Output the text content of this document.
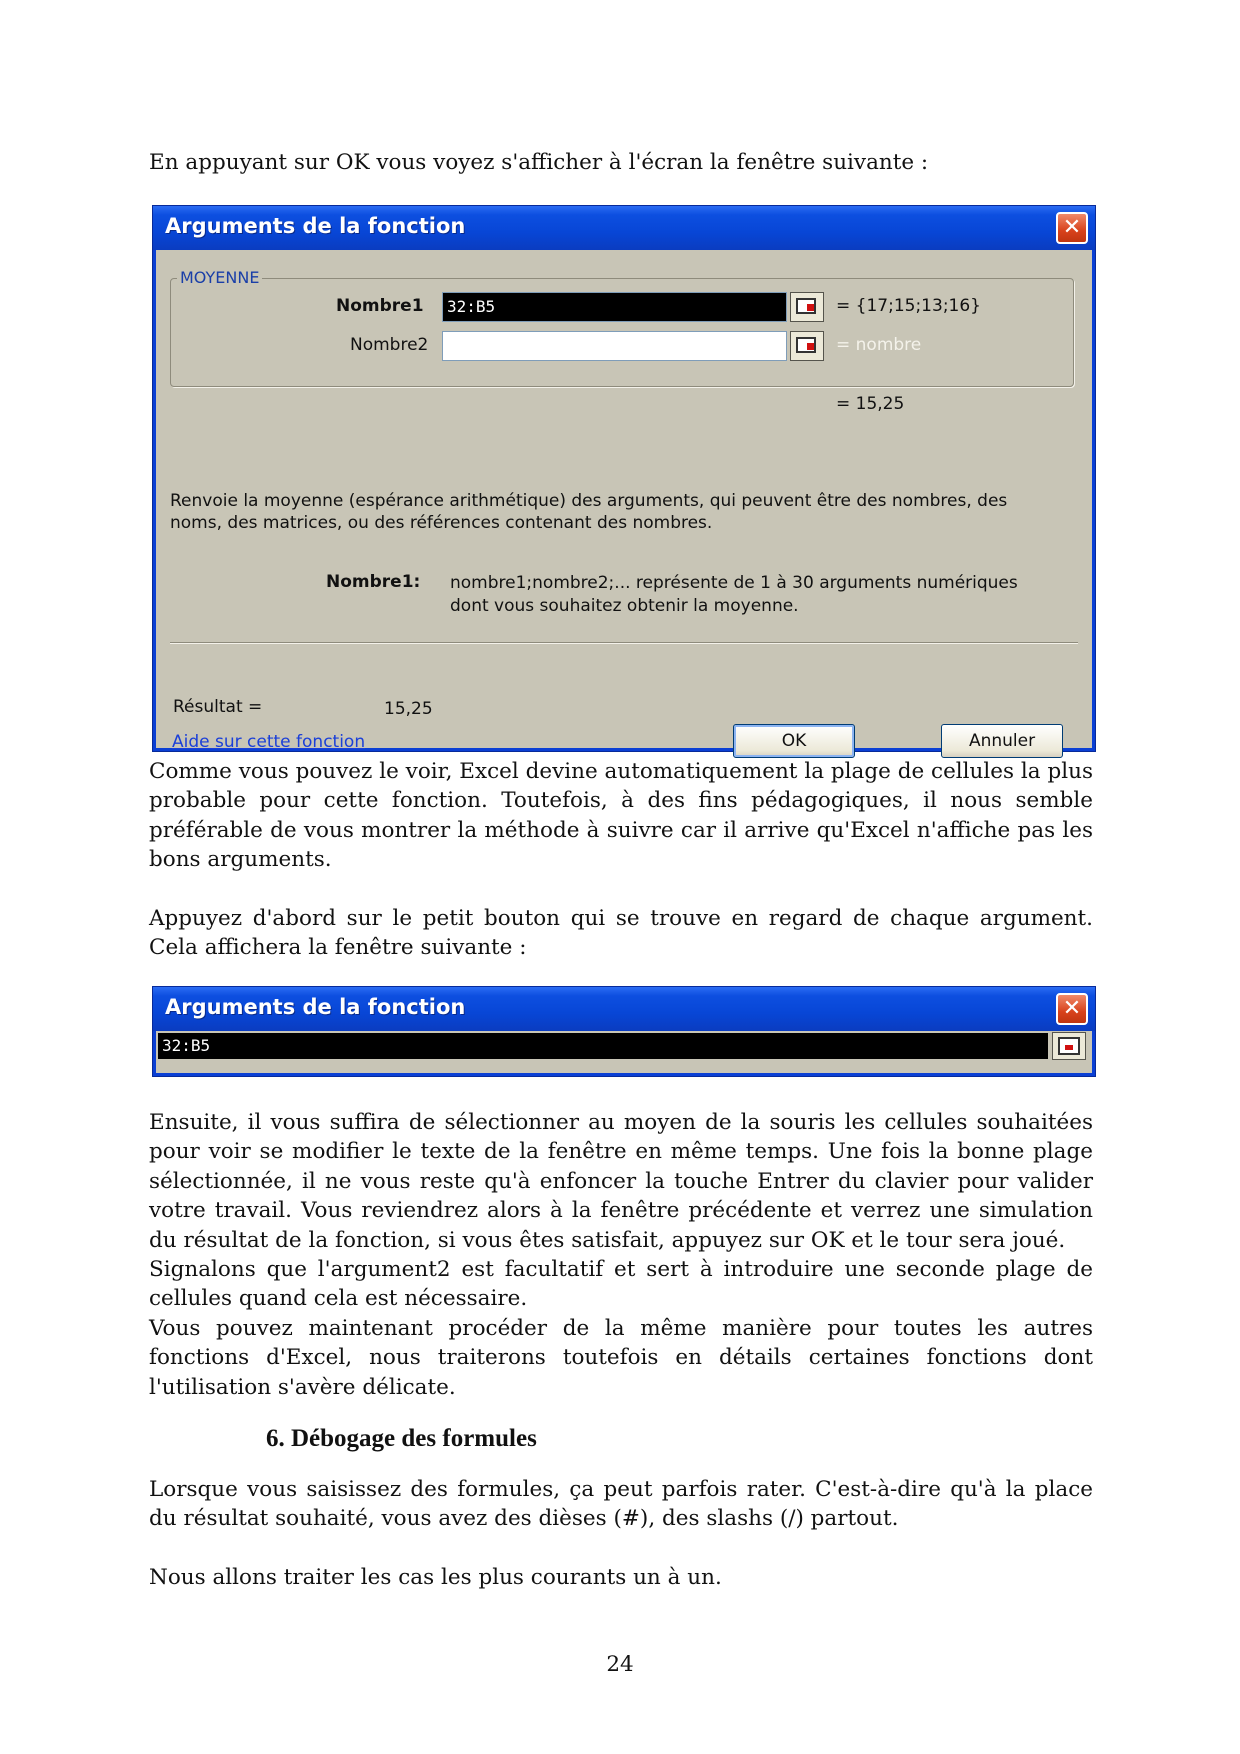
En appuyant sur OK vous voyez s'afficher à l'écran la fenêtre suivante :

Arguments de la fonction	✕
MOYENNE
Nombre1	32:B5	= {17;15;13;16}
Nombre2	= nombre
= 15,25
Renvoie la moyenne (espérance arithmétique) des arguments, qui peuvent être des nombres, des noms, des matrices, ou des références contenant des nombres.
Nombre1: nombre1;nombre2;... représente de 1 à 30 arguments numériques dont vous souhaitez obtenir la moyenne.
Résultat =	15,25
Aide sur cette fonction	OK	Annuler

Comme vous pouvez le voir, Excel devine automatiquement la plage de cellules la plus probable pour cette fonction. Toutefois, à des fins pédagogiques, il nous semble préférable de vous montrer la méthode à suivre car il arrive qu'Excel n'affiche pas les bons arguments.

Appuyez d'abord sur le petit bouton qui se trouve en regard de chaque argument. Cela affichera la fenêtre suivante :

Arguments de la fonction	✕
32:B5

Ensuite, il vous suffira de sélectionner au moyen de la souris les cellules souhaitées pour voir se modifier le texte de la fenêtre en même temps. Une fois la bonne plage sélectionnée, il ne vous reste qu'à enfoncer la touche Entrer du clavier pour valider votre travail. Vous reviendrez alors à la fenêtre précédente et verrez une simulation du résultat de la fonction, si vous êtes satisfait, appuyez sur OK et le tour sera joué.

Signalons que l'argument2 est facultatif et sert à introduire une seconde plage de cellules quand cela est nécessaire.

Vous pouvez maintenant procéder de la même manière pour toutes les autres fonctions d'Excel, nous traiterons toutefois en détails certaines fonctions dont l'utilisation s'avère délicate.

6. Débogage des formules

Lorsque vous saisissez des formules, ça peut parfois rater. C'est-à-dire qu'à la place du résultat souhaité, vous avez des dièses (#), des slashs (/) partout.

Nous allons traiter les cas les plus courants un à un.

24
